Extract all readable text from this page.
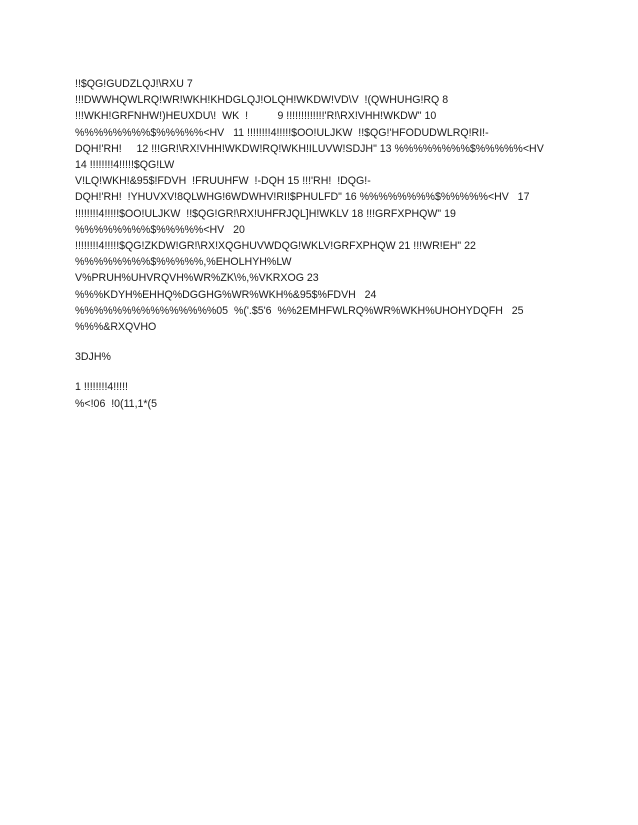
!!$QG!GUDZLQJ!\RXU 7
!!!DWWHQWLRQ!WR!WKH!KHDGLQJ!OLQH!WKDW!VD\V  !(QWHUHG!RQ 8
!!!WKH!GRFNHW!)HEUXDU\!  WK  !          9 !!!!!!!!!!!!!'R!\RX!VHH!WKDW" 10
%%%%%%%%$%%%%%<HV   11 !!!!!!!!4!!!!!$OO!ULJKW  !!$QG!'HFODUDWLRQ!RI!-
DQH!'RH!     12 !!!GR!\RX!VHH!WKDW!RQ!WKH!ILUVW!SDJH" 13 %%%%%%%%$%%%%%<HV
14 !!!!!!!!4!!!!!$QG!LW
V!LQ!WKH!&95$!FDVH  !FRUUHFW  !-DQH 15 !!!'RH!  !DQG!-
DQH!'RH!  !YHUVXV!8QLWHG!6WDWHV!RI!$PHULFD" 16 %%%%%%%%$%%%%%<HV   17
!!!!!!!!4!!!!!$OO!ULJKW  !!$QG!GR!\RX!UHFRJQL]H!WKLV 18 !!!GRFXPHQW" 19
%%%%%%%%$%%%%%<HV   20
!!!!!!!!4!!!!!$QG!ZKDW!GR!\RX!XQGHUVWDQG!WKLV!GRFXPHQW 21 !!!WR!EH" 22
%%%%%%%%$%%%%%,%EHOLHYH%LW
V%PRUH%UHVRQVH%WR%ZK\%,%VKRXOG 23
%%%KDYH%EHHQ%DGGHG%WR%WKH%&95$%FDVH   24
%%%%%%%%%%%%%%%05  %('.$5'6  %%2EMHFWLRQ%WR%WKH%UHOHYDQFH   25
%%%&RXQVHO
3DJH%
1 !!!!!!!!4!!!!!
%<!06  !0(11,1*(5
